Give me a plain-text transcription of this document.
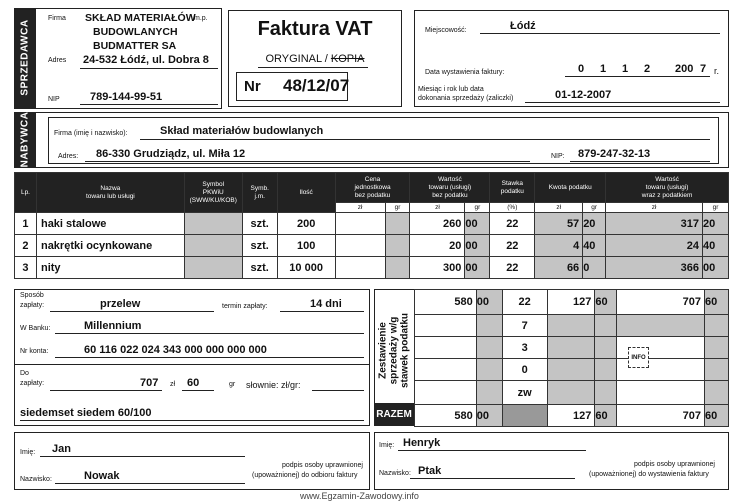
SPRZEDAWCA
Firma SKŁAD MATERIAŁÓW
BUDOWLANYCH
BUDMATTER SA
m.p.
Adres 24-532 Łódź, ul. Dobra 8
NIP	789-144-99-51
Faktura VAT
ORYGINAL / KOPIA
Nr 48/12/07
Miejscowość:	Łódź
Data wystawienia faktury:	0 1 1 2 200 7 r.
Miesiąc i rok lub data
dokonania sprzedaży (zaliczki)	01-12-2007
NABYWCA	Firma (imię i nazwisko):	Skład materiałów budowlanych
Adres: 86-330 Grudziądz, ul. Miła 12	NIP: 879-247-32-13
Lp.	Nazwa
towaru lub usługi	Symbol
PKWiU
(SWW/KU/KOB)	Symb.
j.m.	Ilość	Cena
jednostkowa
bez podatku		Wartość
towaru (usługi)
bez podatku		Stawka
podatku	Kwota podatku		Wartość
towaru (usługi)
wraz z podatkiem	
					zł	gr	zł	gr	(%)	zł	gr	zł	gr
1	haki stalowe		szt.	200			260	00	22	57	20	317	20
2	nakrętki ocynkowane		szt.	100			20	00	22	4	40	24	40
3	nity		szt.	10 000			300	00	22	66	0	366	00
Sposób
zapłaty:	przelew	termin zapłaty:	14 dni
W Banku:	Millennium
Nr konta:	60 116 022 024 343 000 000 000 000
Do
zapłaty:	707 zł 60	gr słownie: zł/gr:
siedemset siedem 60/100
Zestawienie
sprzedaży w/g
stawek podatku
RAZEM
580	00	22	127	60	707	60
		7				
		3				
		0				
		zw				
580	00		127	60	707	60
INFO
Imię: Jan
Nazwisko:	Nowak
podpis osoby uprawnionej
(upoważnionej) do odbioru faktury
Imię: Henryk
Nazwisko: Ptak
podpis osoby uprawnionej
(upoważnionej) do wystawienia faktury
www.Egzamin-Zawodowy.info
